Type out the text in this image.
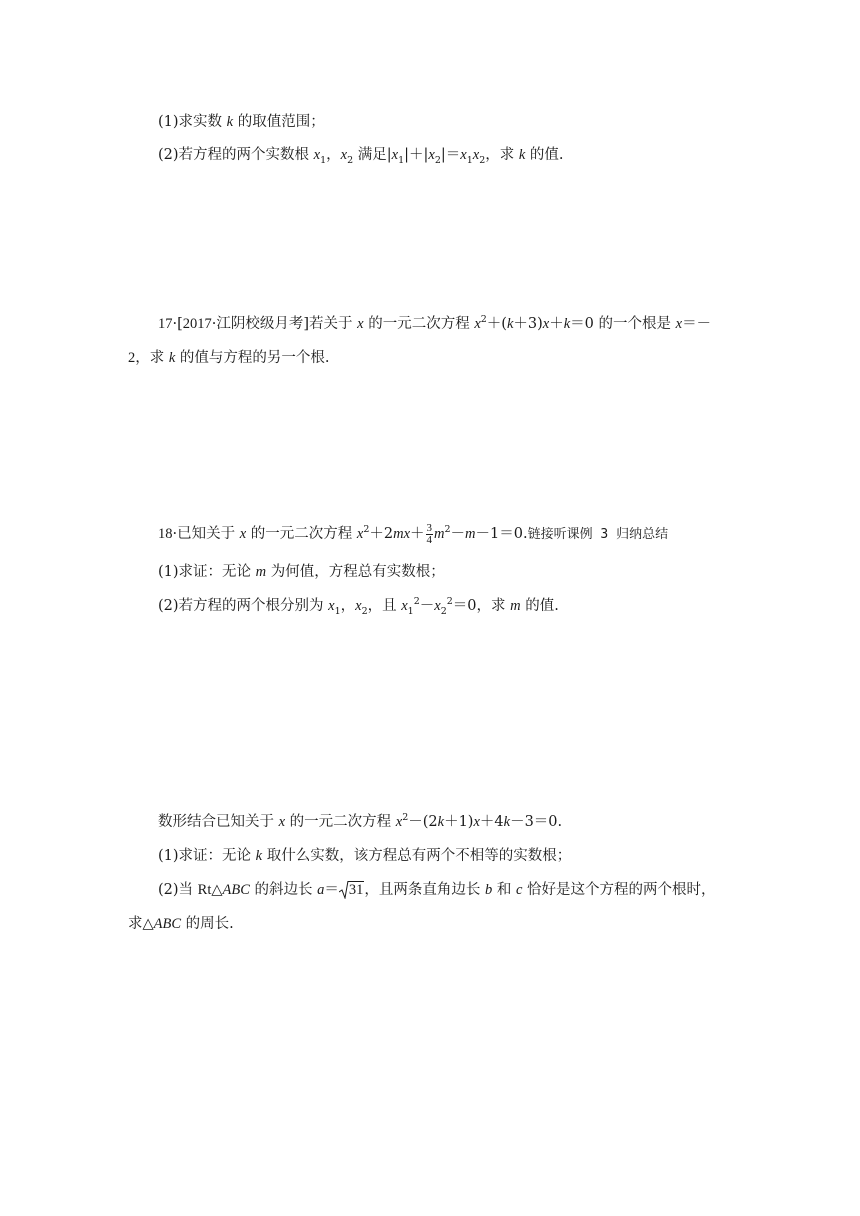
(1)求实数 k 的取值范围；
(2)若方程的两个实数根 $x_1$，$x_2$ 满足$|x_1|+|x_2|=x_1x_2$，求 k 的值.
17·[2017·江阴校级月考]若关于 x 的一元二次方程 $x^2+(k+3)x+k=0$ 的一个根是 x＝－
2，求 k 的值与方程的另一个根.
18·已知关于 x 的一元二次方程 $x^2+2mx+ \frac{3}{4} m^2-m-1=0$.链接听课例 3 归纳总结
(1)求证：无论 m 为何值，方程总有实数根；
(2)若方程的两个根分别为 $x_1$，$x_2$，且 $x_1^2-x_2^2=0$，求 m 的值.
数形结合已知关于 x 的一元二次方程 $x^2-(2k+1)x+4k-3=0$.
(1)求证：无论 k 取什么实数，该方程总有两个不相等的实数根；
(2)当 Rt△ABC 的斜边长 a＝ 31，且两条直角边长 b 和 c 恰好是这个方程的两个根时，
求△ABC 的周长.
